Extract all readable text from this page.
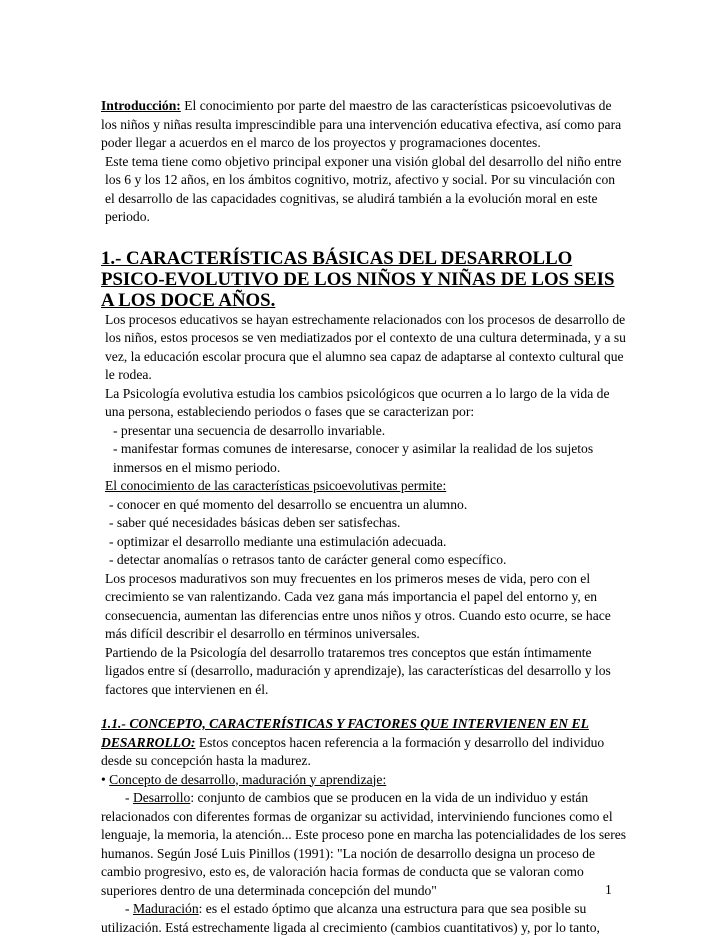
Introducción: El conocimiento por parte del maestro de las características psicoevolutivas de los niños y niñas resulta imprescindible para una intervención educativa efectiva, así como para poder llegar a acuerdos en el marco de los proyectos y programaciones docentes.

Este tema tiene como objetivo principal exponer una visión global del desarrollo del niño entre los 6 y los 12 años, en los ámbitos cognitivo, motriz, afectivo y social. Por su vinculación con el desarrollo de las capacidades cognitivas, se aludirá también a la evolución moral en este periodo.

1.- CARACTERÍSTICAS BÁSICAS DEL DESARROLLO PSICO-EVOLUTIVO DE LOS NIÑOS Y NIÑAS DE LOS SEIS A LOS DOCE AÑOS.

Los procesos educativos se hayan estrechamente relacionados con los procesos de desarrollo de los niños, estos procesos se ven mediatizados por el contexto de una cultura determinada, y a su vez, la educación escolar procura que el alumno sea capaz de adaptarse al contexto cultural que le rodea.

La Psicología evolutiva estudia los cambios psicológicos que ocurren a lo largo de la vida de una persona, estableciendo periodos o fases que se caracterizan por:

- presentar una secuencia de desarrollo invariable.

- manifestar formas comunes de interesarse, conocer y asimilar la realidad de los sujetos inmersos en el mismo periodo.

El conocimiento de las características psicoevolutivas permite:

- conocer en qué momento del desarrollo se encuentra un alumno.

- saber qué necesidades básicas deben ser satisfechas.

- optimizar el desarrollo mediante una estimulación adecuada.

- detectar anomalías o retrasos tanto de carácter general como específico.

Los procesos madurativos son muy frecuentes en los primeros meses de vida, pero con el crecimiento se van ralentizando. Cada vez gana más importancia el papel del entorno y, en consecuencia, aumentan las diferencias entre unos niños y otros. Cuando esto ocurre, se hace más difícil describir el desarrollo en términos universales.

Partiendo de la Psicología del desarrollo trataremos tres conceptos que están íntimamente ligados entre sí (desarrollo, maduración y aprendizaje), las características del desarrollo y los factores que intervienen en él.

1.1.- CONCEPTO, CARACTERÍSTICAS Y FACTORES QUE INTERVIENEN EN EL DESARROLLO: Estos conceptos hacen referencia a la formación y desarrollo del individuo desde su concepción hasta la madurez.

• Concepto de desarrollo, maduración y aprendizaje:

- Desarrollo: conjunto de cambios que se producen en la vida de un individuo y están relacionados con diferentes formas de organizar su actividad, interviniendo funciones como el lenguaje, la memoria, la atención... Este proceso pone en marcha las potencialidades de los seres humanos. Según José Luis Pinillos (1991): "La noción de desarrollo designa un proceso de cambio progresivo, esto es, de valoración hacia formas de conducta que se valoran como superiores dentro de una determinada concepción del mundo"

- Maduración: es el estado óptimo que alcanza una estructura para que sea posible su utilización. Está estrechamente ligada al crecimiento (cambios cuantitativos) y, por lo tanto,

1
